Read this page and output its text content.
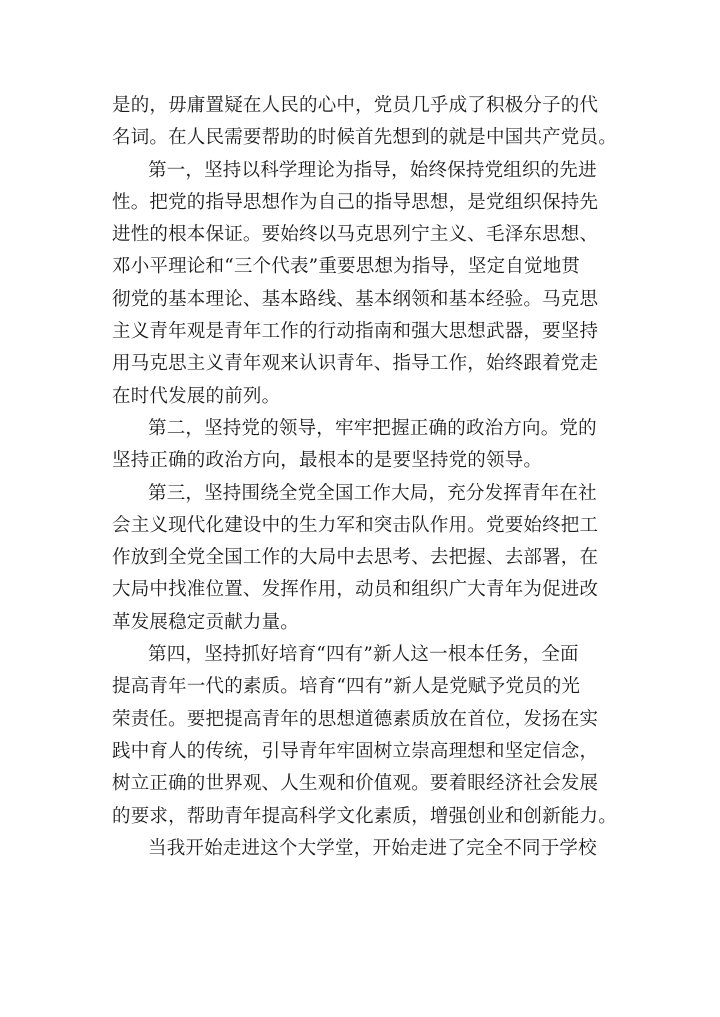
是的，毋庸置疑在人民的心中，党员几乎成了积极分子的代
名词。在人民需要帮助的时候首先想到的就是中国共产党员。
第一，坚持以科学理论为指导，始终保持党组织的先进
性。把党的指导思想作为自己的指导思想，是党组织保持先
进性的根本保证。要始终以马克思列宁主义、毛泽东思想、
邓小平理论和“三个代表”重要思想为指导，坚定自觉地贯
彻党的基本理论、基本路线、基本纲领和基本经验。马克思
主义青年观是青年工作的行动指南和强大思想武器，要坚持
用马克思主义青年观来认识青年、指导工作，始终跟着党走
在时代发展的前列。
第二，坚持党的领导，牢牢把握正确的政治方向。党的
坚持正确的政治方向，最根本的是要坚持党的领导。
第三，坚持围绕全党全国工作大局，充分发挥青年在社
会主义现代化建设中的生力军和突击队作用。党要始终把工
作放到全党全国工作的大局中去思考、去把握、去部署，在
大局中找准位置、发挥作用，动员和组织广大青年为促进改
革发展稳定贡献力量。
第四，坚持抓好培育“四有”新人这一根本任务，全面
提高青年一代的素质。培育“四有”新人是党赋予党员的光
荣责任。要把提高青年的思想道德素质放在首位，发扬在实
践中育人的传统，引导青年牢固树立崇高理想和坚定信念，
树立正确的世界观、人生观和价值观。要着眼经济社会发展
的要求，帮助青年提高科学文化素质，增强创业和创新能力。
当我开始走进这个大学堂，开始走进了完全不同于学校
